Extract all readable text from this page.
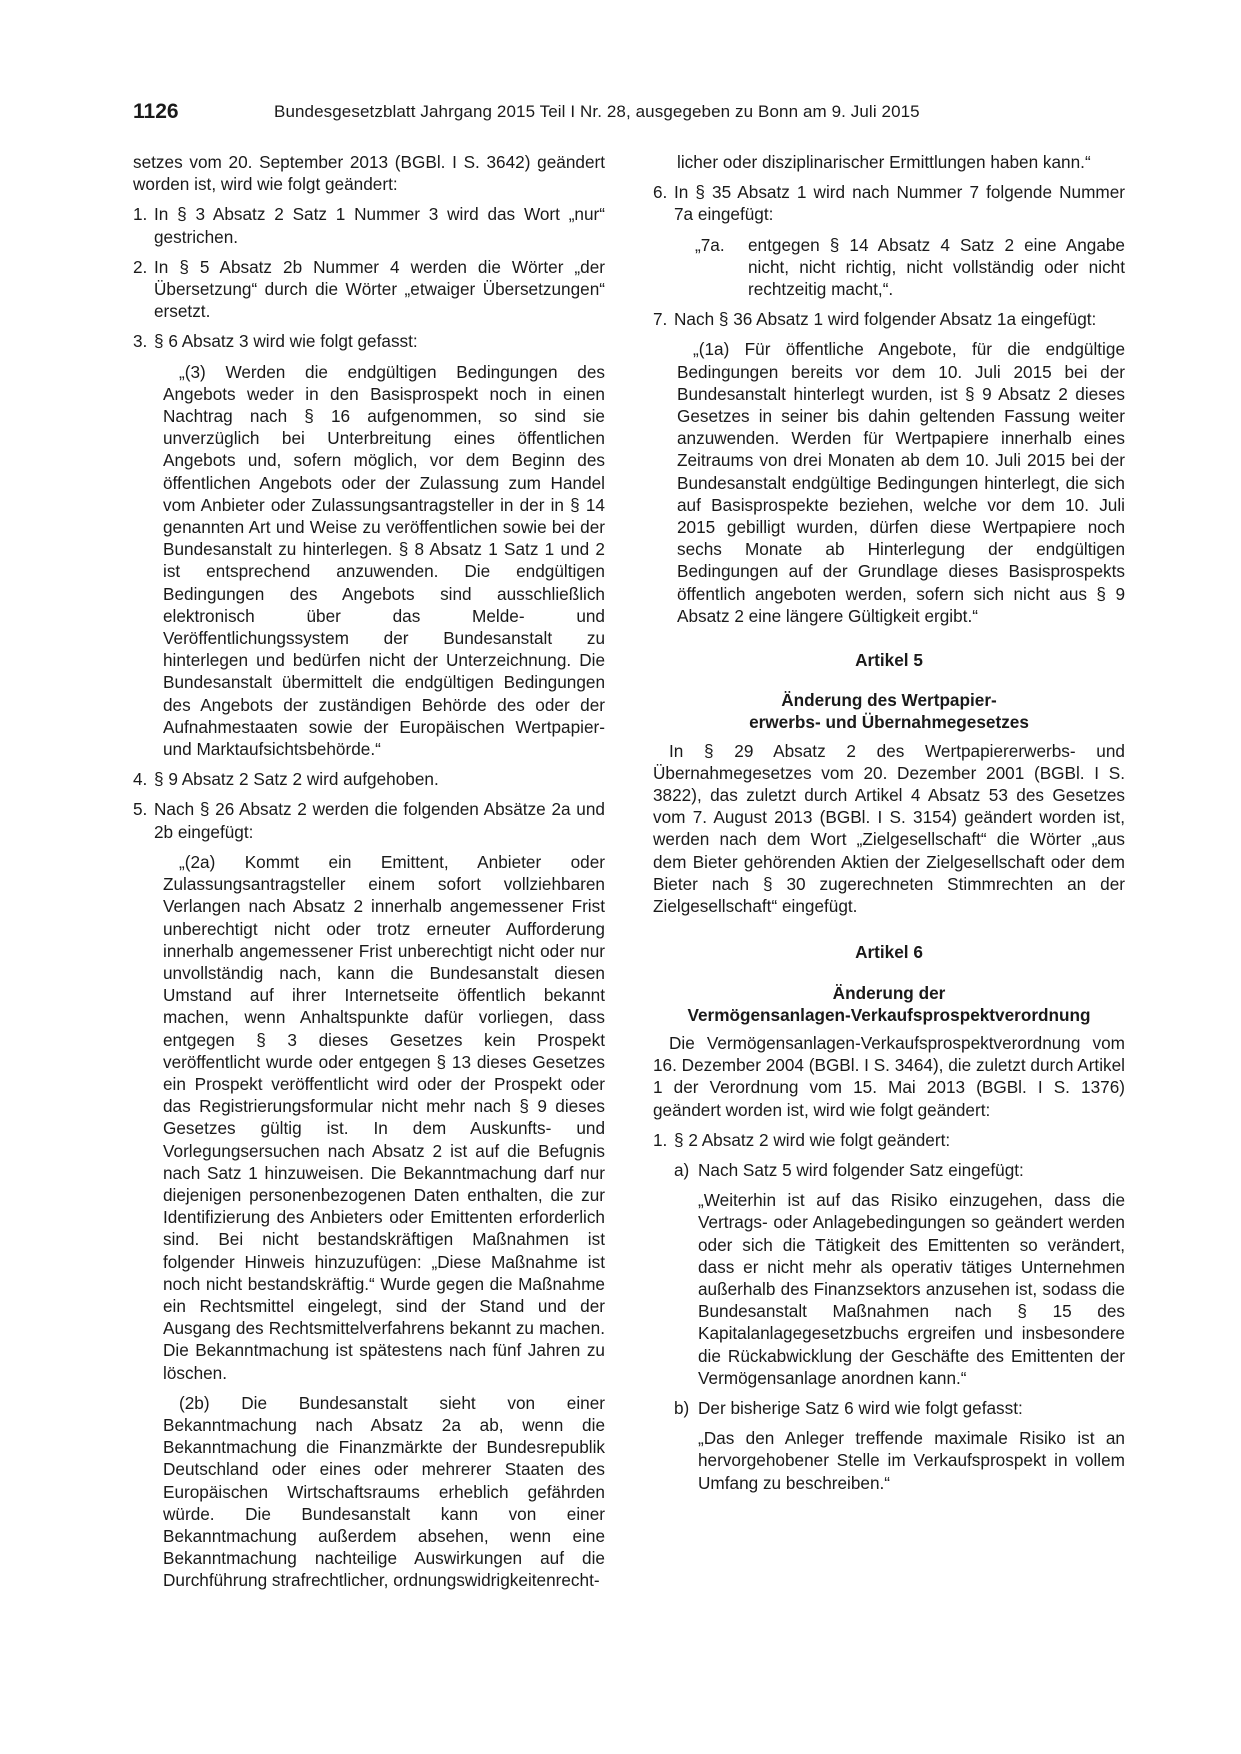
1126	Bundesgesetzblatt Jahrgang 2015 Teil I Nr. 28, ausgegeben zu Bonn am 9. Juli 2015

setzes vom 20. September 2013 (BGBl. I S. 3642) geändert worden ist, wird wie folgt geändert:

1. In § 3 Absatz 2 Satz 1 Nummer 3 wird das Wort „nur“ gestrichen.
2. In § 5 Absatz 2b Nummer 4 werden die Wörter „der Übersetzung“ durch die Wörter „etwaiger Übersetzungen“ ersetzt.
3. § 6 Absatz 3 wird wie folgt gefasst:

„(3) Werden die endgültigen Bedingungen des Angebots weder in den Basisprospekt noch in einen Nachtrag nach § 16 aufgenommen, so sind sie unverzüglich bei Unterbreitung eines öffentlichen Angebots und, sofern möglich, vor dem Beginn des öffentlichen Angebots oder der Zulassung zum Handel vom Anbieter oder Zulassungsantragsteller in der in § 14 genannten Art und Weise zu veröffentlichen sowie bei der Bundesanstalt zu hinterlegen. § 8 Absatz 1 Satz 1 und 2 ist entsprechend anzuwenden. Die endgültigen Bedingungen des Angebots sind ausschließlich elektronisch über das Melde- und Veröffentlichungssystem der Bundesanstalt zu hinterlegen und bedürfen nicht der Unterzeichnung. Die Bundesanstalt übermittelt die endgültigen Bedingungen des Angebots der zuständigen Behörde des oder der Aufnahmestaaten sowie der Europäischen Wertpapier- und Marktaufsichtsbehörde.“

4. § 9 Absatz 2 Satz 2 wird aufgehoben.
5. Nach § 26 Absatz 2 werden die folgenden Absätze 2a und 2b eingefügt:

„(2a) Kommt ein Emittent, Anbieter oder Zulassungsantragsteller einem sofort vollziehbaren Verlangen nach Absatz 2 innerhalb angemessener Frist unberechtigt nicht oder trotz erneuter Aufforderung innerhalb angemessener Frist unberechtigt nicht oder nur unvollständig nach, kann die Bundesanstalt diesen Umstand auf ihrer Internetseite öffentlich bekannt machen, wenn Anhaltspunkte dafür vorliegen, dass entgegen § 3 dieses Gesetzes kein Prospekt veröffentlicht wurde oder entgegen § 13 dieses Gesetzes ein Prospekt veröffentlicht wird oder der Prospekt oder das Registrierungsformular nicht mehr nach § 9 dieses Gesetzes gültig ist. In dem Auskunfts- und Vorlegungsersuchen nach Absatz 2 ist auf die Befugnis nach Satz 1 hinzuweisen. Die Bekanntmachung darf nur diejenigen personenbezogenen Daten enthalten, die zur Identifizierung des Anbieters oder Emittenten erforderlich sind. Bei nicht bestandskräftigen Maßnahmen ist folgender Hinweis hinzuzufügen: „Diese Maßnahme ist noch nicht bestandskräftig.“ Wurde gegen die Maßnahme ein Rechtsmittel eingelegt, sind der Stand und der Ausgang des Rechtsmittelverfahrens bekannt zu machen. Die Bekanntmachung ist spätestens nach fünf Jahren zu löschen.

(2b) Die Bundesanstalt sieht von einer Bekanntmachung nach Absatz 2a ab, wenn die Bekanntmachung die Finanzmärkte der Bundesrepublik Deutschland oder eines oder mehrerer Staaten des Europäischen Wirtschaftsraums erheblich gefährden würde. Die Bundesanstalt kann von einer Bekanntmachung außerdem absehen, wenn eine Bekanntmachung nachteilige Auswirkungen auf die Durchführung strafrechtlicher, ordnungswidrigkeitenrecht-

licher oder disziplinarischer Ermittlungen haben kann.“

6. In § 35 Absatz 1 wird nach Nummer 7 folgende Nummer 7a eingefügt:
„7a.	entgegen § 14 Absatz 4 Satz 2 eine Angabe nicht, nicht richtig, nicht vollständig oder nicht rechtzeitig macht,“.
7. Nach § 36 Absatz 1 wird folgender Absatz 1a eingefügt:

„(1a) Für öffentliche Angebote, für die endgültige Bedingungen bereits vor dem 10. Juli 2015 bei der Bundesanstalt hinterlegt wurden, ist § 9 Absatz 2 dieses Gesetzes in seiner bis dahin geltenden Fassung weiter anzuwenden. Werden für Wertpapiere innerhalb eines Zeitraums von drei Monaten ab dem 10. Juli 2015 bei der Bundesanstalt endgültige Bedingungen hinterlegt, die sich auf Basisprospekte beziehen, welche vor dem 10. Juli 2015 gebilligt wurden, dürfen diese Wertpapiere noch sechs Monate ab Hinterlegung der endgültigen Bedingungen auf der Grundlage dieses Basisprospekts öffentlich angeboten werden, sofern sich nicht aus § 9 Absatz 2 eine längere Gültigkeit ergibt.“

Artikel 5

Änderung des Wertpapier-

erwerbs- und Übernahmegesetzes

In § 29 Absatz 2 des Wertpapiererwerbs- und Übernahmegesetzes vom 20. Dezember 2001 (BGBl. I S. 3822), das zuletzt durch Artikel 4 Absatz 53 des Gesetzes vom 7. August 2013 (BGBl. I S. 3154) geändert worden ist, werden nach dem Wort „Zielgesellschaft“ die Wörter „aus dem Bieter gehörenden Aktien der Zielgesellschaft oder dem Bieter nach § 30 zugerechneten Stimmrechten an der Zielgesellschaft“ eingefügt.

Artikel 6

Änderung der

Vermögensanlagen-Verkaufsprospektverordnung

Die Vermögensanlagen-Verkaufsprospektverordnung vom 16. Dezember 2004 (BGBl. I S. 3464), die zuletzt durch Artikel 1 der Verordnung vom 15. Mai 2013 (BGBl. I S. 1376) geändert worden ist, wird wie folgt geändert:

1. § 2 Absatz 2 wird wie folgt geändert:
a) Nach Satz 5 wird folgender Satz eingefügt:

„Weiterhin ist auf das Risiko einzugehen, dass die Vertrags- oder Anlagebedingungen so geändert werden oder sich die Tätigkeit des Emittenten so verändert, dass er nicht mehr als operativ tätiges Unternehmen außerhalb des Finanzsektors anzusehen ist, sodass die Bundesanstalt Maßnahmen nach § 15 des Kapitalanlagegesetzbuchs ergreifen und insbesondere die Rückabwicklung der Geschäfte des Emittenten der Vermögensanlage anordnen kann.“

b) Der bisherige Satz 6 wird wie folgt gefasst:

„Das den Anleger treffende maximale Risiko ist an hervorgehobener Stelle im Verkaufsprospekt in vollem Umfang zu beschreiben.“
